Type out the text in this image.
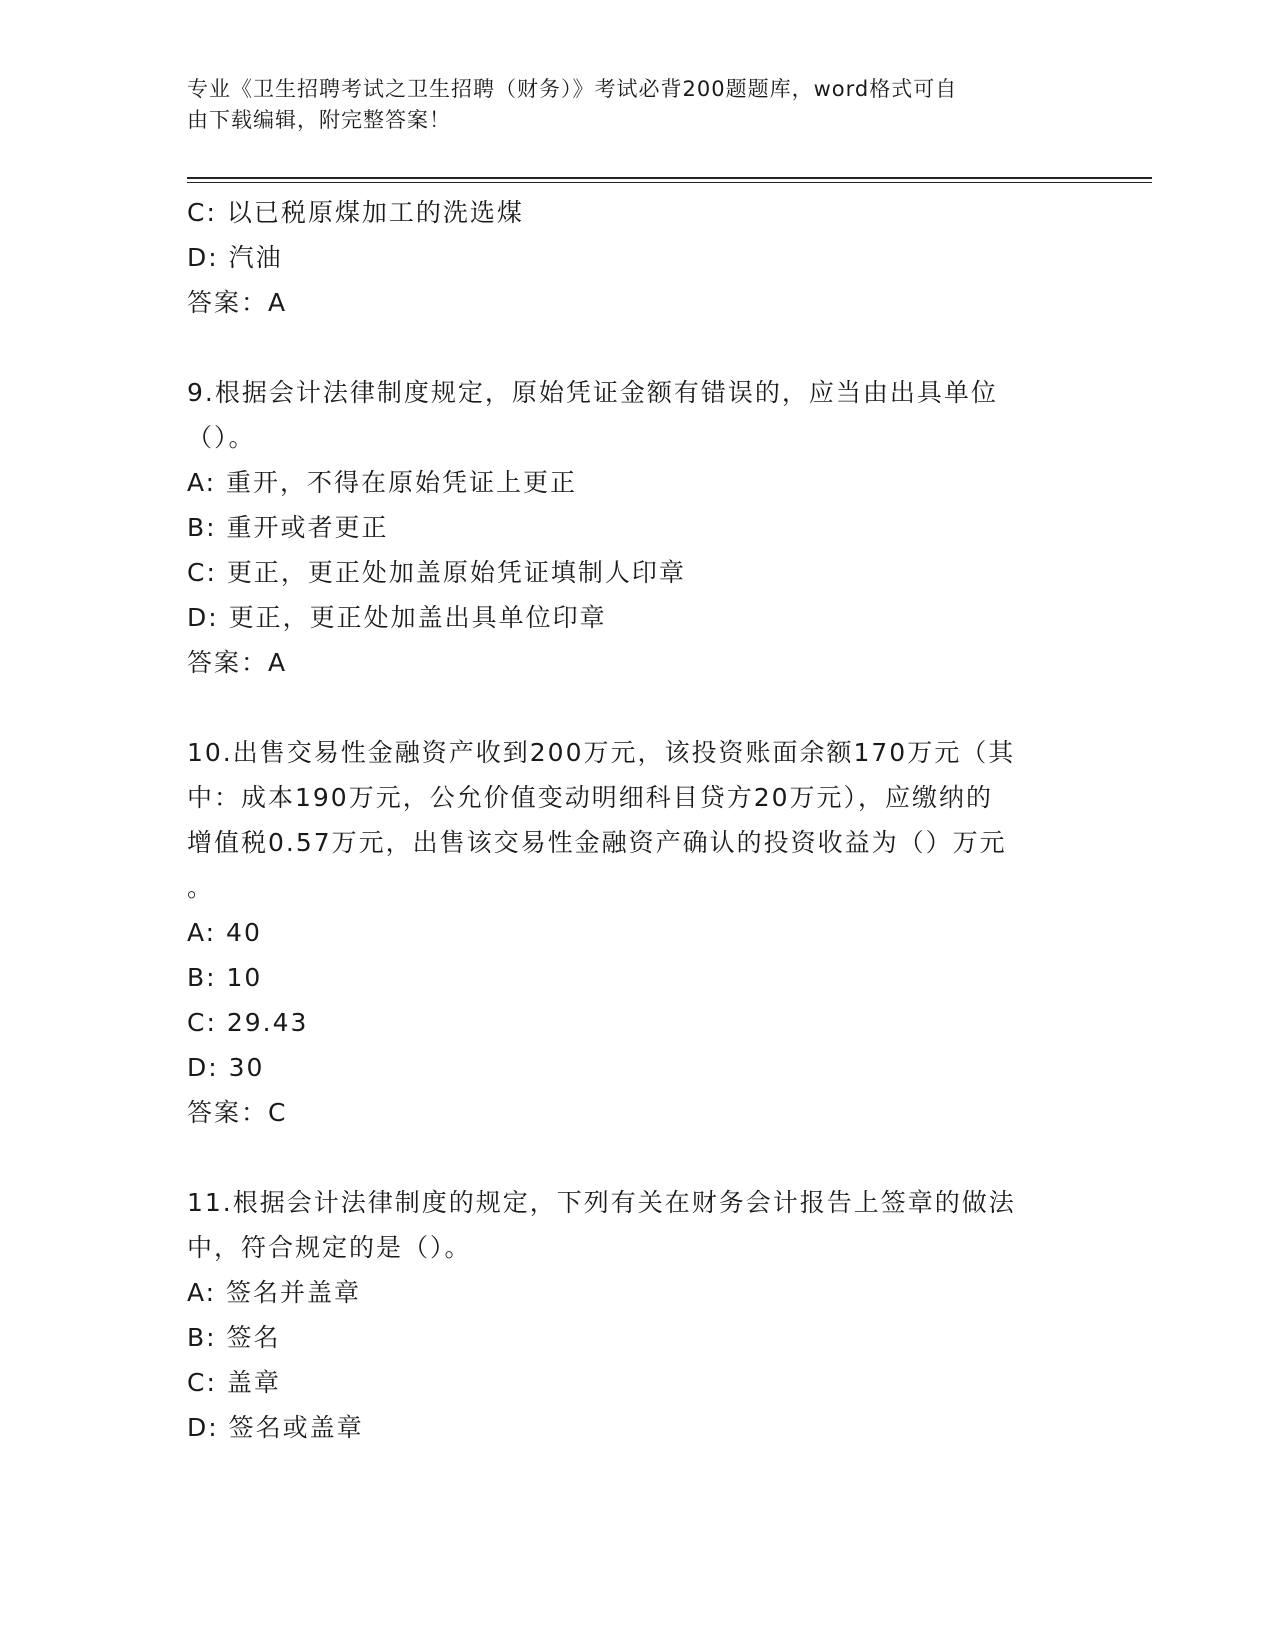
专业《卫生招聘考试之卫生招聘（财务）》考试必背200题题库，word格式可自
由下载编辑，附完整答案！
C: 以已税原煤加工的洗选煤
D: 汽油
答案：A
9.根据会计法律制度规定，原始凭证金额有错误的，应当由出具单位
（）。
A: 重开，不得在原始凭证上更正
B: 重开或者更正
C: 更正，更正处加盖原始凭证填制人印章
D: 更正，更正处加盖出具单位印章
答案：A
10.出售交易性金融资产收到200万元，该投资账面余额170万元（其
中：成本190万元，公允价值变动明细科目贷方20万元），应缴纳的
增值税0.57万元，出售该交易性金融资产确认的投资收益为（）万元
。
A: 40
B: 10
C: 29.43
D: 30
答案：C
11.根据会计法律制度的规定，下列有关在财务会计报告上签章的做法
中，符合规定的是（）。
A: 签名并盖章
B: 签名
C: 盖章
D: 签名或盖章
